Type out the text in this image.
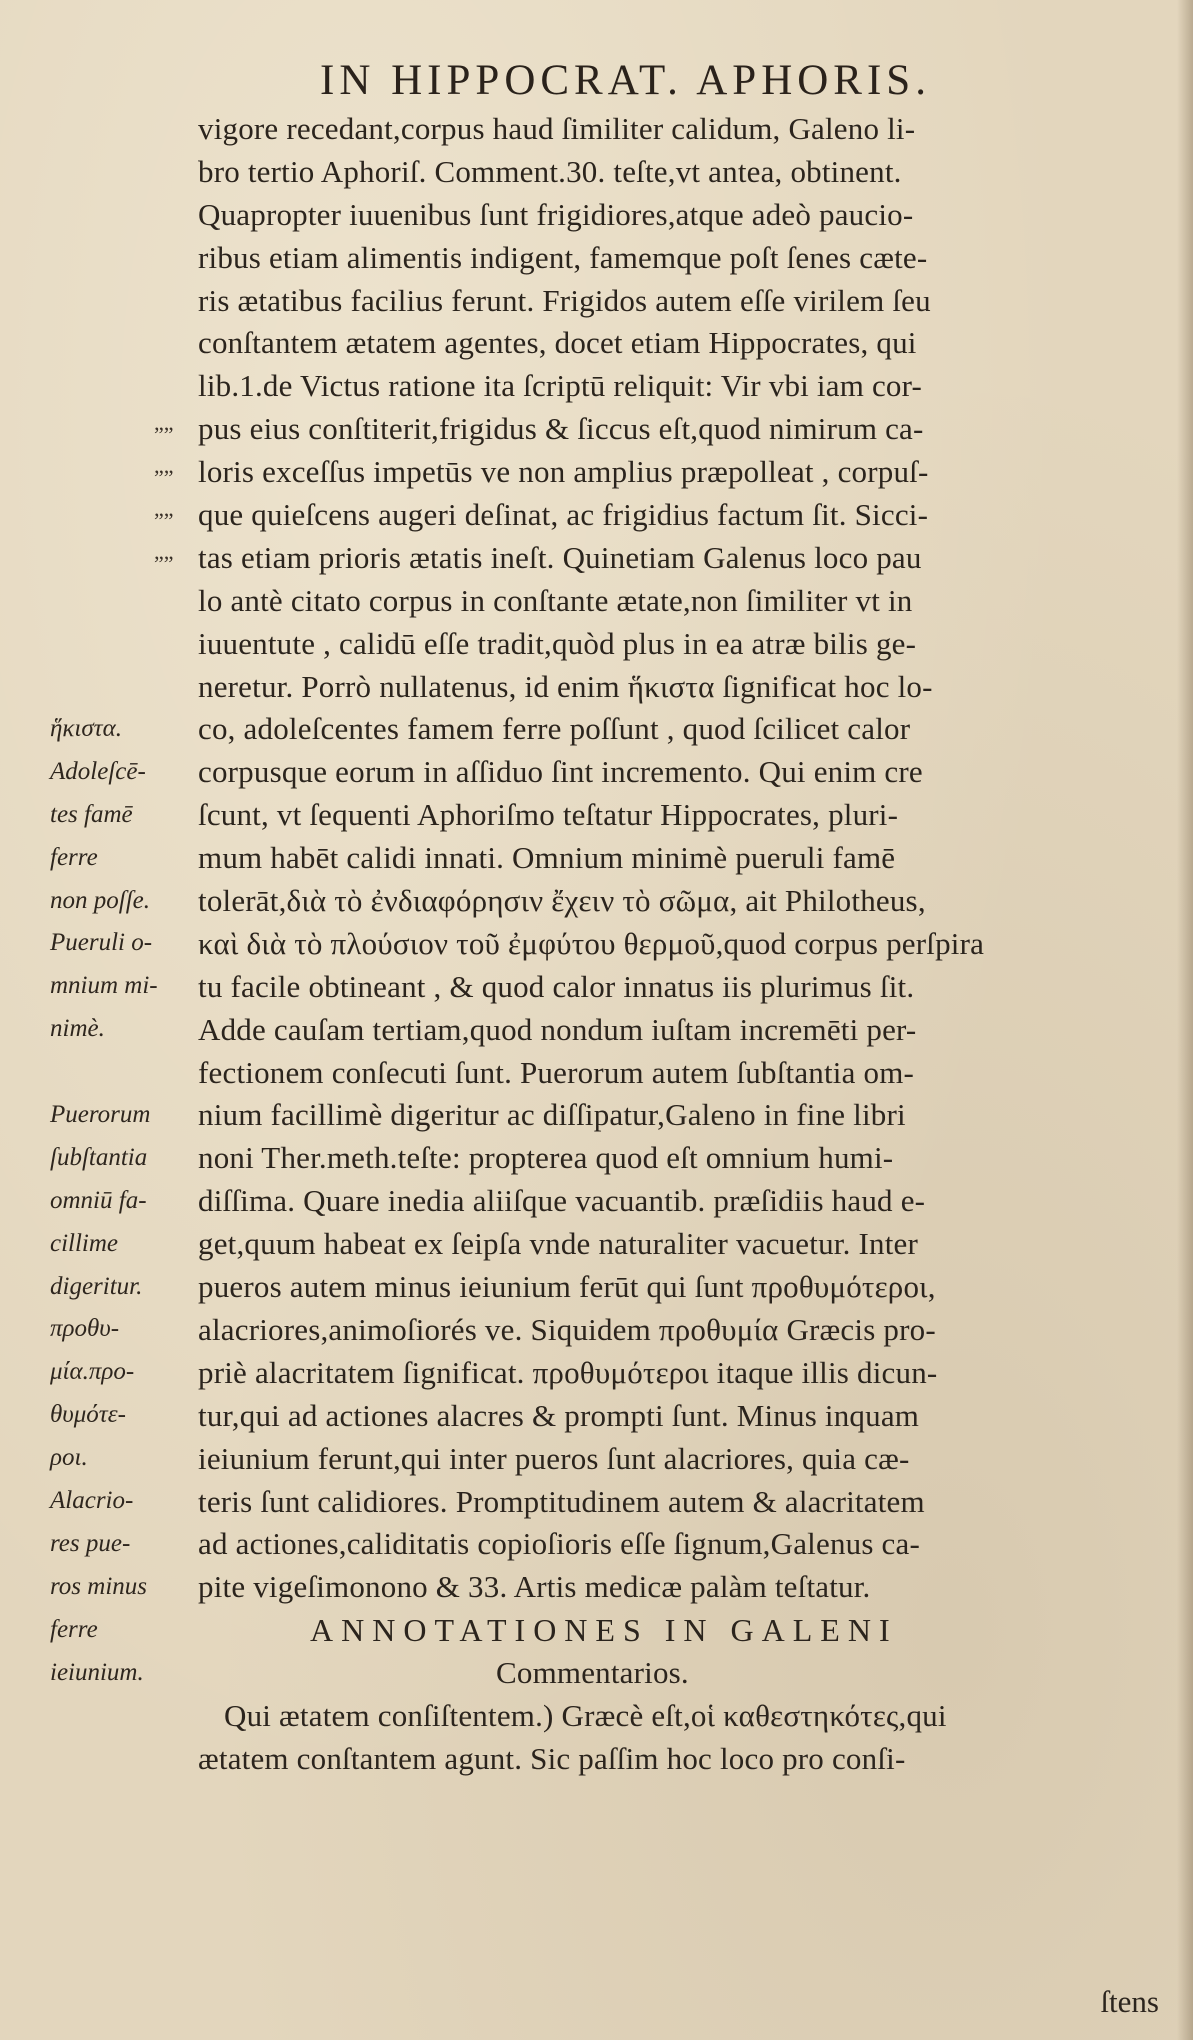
IN HIPPOCRAT. APHORIS.
„„
„„
„„
„„
ἥκιστα.
Adoleſcē-
tes famē
ferre
non poſſe.
Pueruli o-
mnium mi-
nimè.
Puerorum
ſubſtantia
omniū fa-
cillime
digeritur.
προθυ-
μία.προ-
θυμότε-
ροι.
Alacrio-
res pue-
ros minus
ferre
ieiunium.
vigore recedant,corpus haud ſimiliter calidum, Galeno li-
bro tertio Aphoriſ. Comment.30. teſte,vt antea, obtinent.
Quapropter iuuenibus ſunt frigidiores,atque adeò paucio-
ribus etiam alimentis indigent, famemque poſt ſenes cæte-
ris ætatibus facilius ferunt. Frigidos autem eſſe virilem ſeu
conſtantem ætatem agentes, docet etiam Hippocrates, qui
lib.1.de Victus ratione ita ſcriptū reliquit: Vir vbi iam cor-
pus eius conſtiterit,frigidus & ſiccus eſt,quod nimirum ca-
loris exceſſus impetūs ve non amplius præpolleat , corpuſ-
que quieſcens augeri deſinat, ac frigidius factum ſit. Sicci-
tas etiam prioris ætatis ineſt. Quinetiam Galenus loco pau
lo antè citato corpus in conſtante ætate,non ſimiliter vt in
iuuentute , calidū eſſe tradit,quòd plus in ea atræ bilis ge-
neretur. Porrò nullatenus, id enim ἥκιστα ſignificat hoc lo-
co, adoleſcentes famem ferre poſſunt , quod ſcilicet calor
corpusque eorum in aſſiduo ſint incremento. Qui enim cre
ſcunt, vt ſequenti Aphoriſmo teſtatur Hippocrates, pluri-
mum habēt calidi innati. Omnium minimè pueruli famē
tolerāt,διὰ τὸ ἐνδιαφόρησιν ἔχειν τὸ σῶμα, ait Philotheus,
καὶ διὰ τὸ πλούσιον τοῦ ἐμφύτου θερμοῦ,quod corpus perſpira
tu facile obtineant , & quod calor innatus iis plurimus ſit.
Adde cauſam tertiam,quod nondum iuſtam incremēti per-
fectionem conſecuti ſunt. Puerorum autem ſubſtantia om-
nium facillimè digeritur ac diſſipatur,Galeno in fine libri
noni Ther.meth.teſte: propterea quod eſt omnium humi-
diſſima. Quare inedia aliiſque vacuantib. præſidiis haud e-
get,quum habeat ex ſeipſa vnde naturaliter vacuetur. Inter
pueros autem minus ieiunium ferūt qui ſunt προθυμότεροι,
alacriores,animoſiorés ve. Siquidem προθυμία Græcis pro-
priè alacritatem ſignificat. προθυμότεροι itaque illis dicun-
tur,qui ad actiones alacres & prompti ſunt. Minus inquam
ieiunium ferunt,qui inter pueros ſunt alacriores, quia cæ-
teris ſunt calidiores. Promptitudinem autem & alacritatem
ad actiones,caliditatis copioſioris eſſe ſignum,Galenus ca-
pite vigeſimonono & 33. Artis medicæ palàm teſtatur.
ANNOTATIONES IN GALENI
Commentarios.
Qui ætatem conſiſtentem.) Græcè eſt,οἱ καθεστηκότες,qui
ætatem conſtantem agunt. Sic paſſim hoc loco pro conſi-
ſtens
